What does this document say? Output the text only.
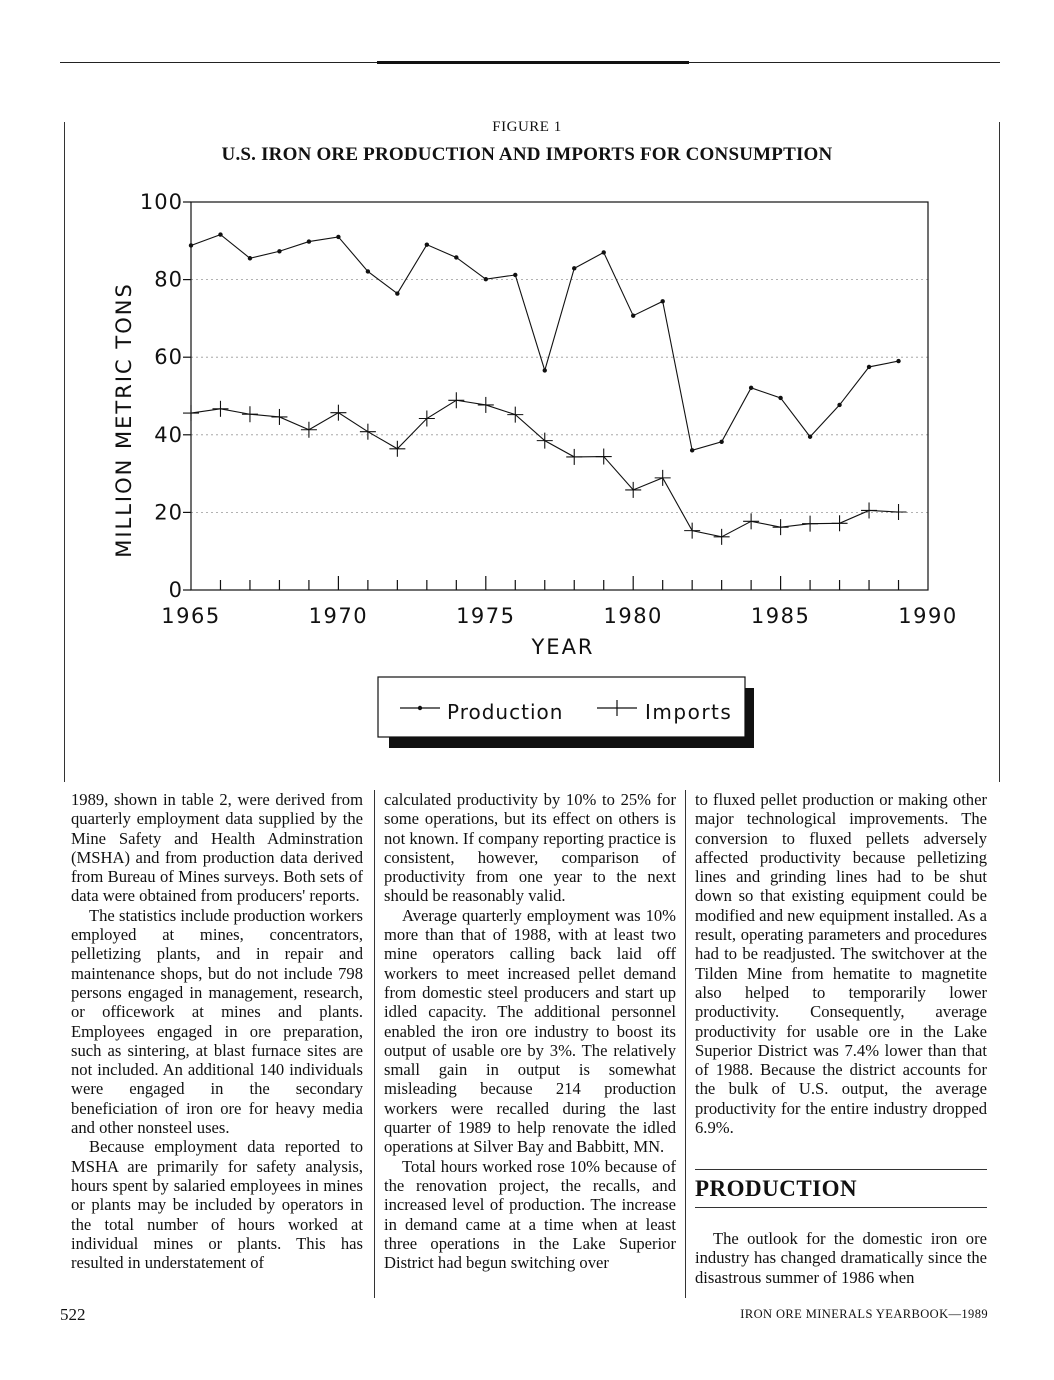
FIGURE 1
U.S. IRON ORE PRODUCTION AND IMPORTS FOR CONSUMPTION
0
20
40
60
80
100
1965	1970	1975	1980	1985	1990
MILLION METRIC TONS
YEAR
Production	Imports

1989, shown in table 2, were derived from quarterly employment data supplied by the Mine Safety and Health Adminstration (MSHA) and from production data derived from Bureau of Mines surveys. Both sets of data were obtained from producers' reports.

The statistics include production workers employed at mines, concentrators, pelletizing plants, and in repair and maintenance shops, but do not include 798 persons engaged in management, research, or officework at mines and plants. Employees engaged in ore preparation, such as sintering, at blast furnace sites are not included. An additional 140 individuals were engaged in the secondary beneficiation of iron ore for heavy media and other nonsteel uses.

Because employment data reported to MSHA are primarily for safety analysis, hours spent by salaried employees in mines or plants may be included by operators in the total number of hours worked at individual mines or plants. This has resulted in understatement of

calculated productivity by 10% to 25% for some operations, but its effect on others is not known. If company reporting practice is consistent, however, comparison of productivity from one year to the next should be reasonably valid.

Average quarterly employment was 10% more than that of 1988, with at least two mine operators calling back laid off workers to meet increased pellet demand from domestic steel producers and start up idled capacity. The additional personnel enabled the iron ore industry to boost its output of usable ore by 3%. The relatively small gain in output is somewhat misleading because 214 production workers were recalled during the last quarter of 1989 to help renovate the idled operations at Silver Bay and Babbitt, MN.

Total hours worked rose 10% because of the renovation project, the recalls, and increased level of production. The increase in demand came at a time when at least three operations in the Lake Superior District had begun switching over

to fluxed pellet production or making other major technological improvements. The conversion to fluxed pellets adversely affected productivity because pelletizing lines and grinding lines had to be shut down so that existing equipment could be modified and new equipment installed. As a result, operating parameters and procedures had to be readjusted. The switchover at the Tilden Mine from hematite to magnetite also helped to temporarily lower productivity. Consequently, average productivity for usable ore in the Lake Superior District was 7.4% lower than that of 1988. Because the district accounts for the bulk of U.S. output, the average productivity for the entire industry dropped 6.9%.

PRODUCTION

The outlook for the domestic iron ore industry has changed dramatically since the disastrous summer of 1986 when

522	IRON ORE MINERALS YEARBOOK—1989
